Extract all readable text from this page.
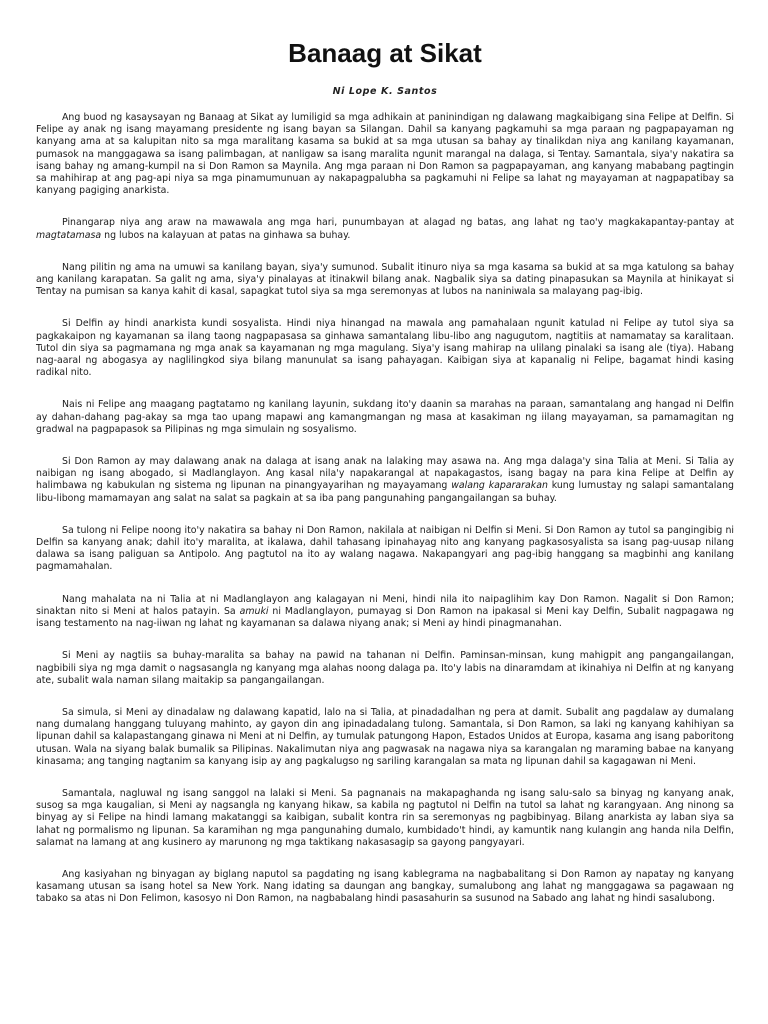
Banaag at Sikat
Ni Lope K. Santos

Ang buod ng kasaysayan ng Banaag at Sikat ay lumiligid sa mga adhikain at paninindigan ng dalawang magkaibigang sina Felipe at Delfin. Si Felipe ay anak ng isang mayamang presidente ng isang bayan sa Silangan. Dahil sa kanyang pagkamuhi sa mga paraan ng pagpapayaman ng kanyang ama at sa kalupitan nito sa mga maralitang kasama sa bukid at sa mga utusan sa bahay ay tinalikdan niya ang kanilang kayamanan, pumasok na manggagawa sa isang palimbagan, at nanligaw sa isang maralita ngunit marangal na dalaga, si Tentay. Samantala, siya'y nakatira sa isang bahay ng amang-kumpil na si Don Ramon sa Maynila. Ang mga paraan ni Don Ramon sa pagpapayaman, ang kanyang mababang pagtingin sa mahihirap at ang pag-api niya sa mga pinamumunuan ay nakapagpalubha sa pagkamuhi ni Felipe sa lahat ng mayayaman at nagpapatibay sa kanyang pagiging anarkista.

Pinangarap niya ang araw na mawawala ang mga hari, punumbayan at alagad ng batas, ang lahat ng tao'y magkakapantay-pantay at magtatamasa ng lubos na kalayuan at patas na ginhawa sa buhay.

Nang pilitin ng ama na umuwi sa kanilang bayan, siya'y sumunod. Subalit itinuro niya sa mga kasama sa bukid at sa mga katulong sa bahay ang kanilang karapatan. Sa galit ng ama, siya'y pinalayas at itinakwil bilang anak. Nagbalik siya sa dating pinapasukan sa Maynila at hinikayat si Tentay na pumisan sa kanya kahit di kasal, sapagkat tutol siya sa mga seremonyas at lubos na naniniwala sa malayang pag-ibig.

Si Delfin ay hindi anarkista kundi sosyalista. Hindi niya hinangad na mawala ang pamahalaan ngunit katulad ni Felipe ay tutol siya sa pagkakaipon ng kayamanan sa ilang taong nagpapasasa sa ginhawa samantalang libu-libo ang nagugutom, nagtitiis at namamatay sa karalitaan. Tutol din siya sa pagmamana ng mga anak sa kayamanan ng mga magulang. Siya'y isang mahirap na ulilang pinalaki sa isang ale (tiya). Habang nag-aaral ng abogasya ay naglilingkod siya bilang manunulat sa isang pahayagan. Kaibigan siya at kapanalig ni Felipe, bagamat hindi kasing radikal nito.

Nais ni Felipe ang maagang pagtatamo ng kanilang layunin, sukdang ito'y daanin sa marahas na paraan, samantalang ang hangad ni Delfin ay dahan-dahang pag-akay sa mga tao upang mapawi ang kamangmangan ng masa at kasakiman ng iilang mayayaman, sa pamamagitan ng gradwal na pagpapasok sa Pilipinas ng mga simulain ng sosyalismo.

Si Don Ramon ay may dalawang anak na dalaga at isang anak na lalaking may asawa na. Ang mga dalaga'y sina Talia at Meni. Si Talia ay naibigan ng isang abogado, si Madlanglayon. Ang kasal nila'y napakarangal at napakagastos, isang bagay na para kina Felipe at Delfin ay halimbawa ng kabukulan ng sistema ng lipunan na pinangyayarihan ng mayayamang walang kapararakan kung lumustay ng salapi samantalang libu-libong mamamayan ang salat na salat sa pagkain at sa iba pang pangunahing pangangailangan sa buhay.

Sa tulong ni Felipe noong ito'y nakatira sa bahay ni Don Ramon, nakilala at naibigan ni Delfin si Meni. Si Don Ramon ay tutol sa pangingibig ni Delfin sa kanyang anak; dahil ito'y maralita, at ikalawa, dahil tahasang ipinahayag nito ang kanyang pagkasosyalista sa isang pag-uusap nilang dalawa sa isang paliguan sa Antipolo. Ang pagtutol na ito ay walang nagawa. Nakapangyari ang pag-ibig hanggang sa magbinhi ang kanilang pagmamahalan.

Nang mahalata na ni Talia at ni Madlanglayon ang kalagayan ni Meni, hindi nila ito naipaglihim kay Don Ramon. Nagalit si Don Ramon; sinaktan nito si Meni at halos patayin. Sa amuki ni Madlanglayon, pumayag si Don Ramon na ipakasal si Meni kay Delfin, Subalit nagpagawa ng isang testamento na nag-iiwan ng lahat ng kayamanan sa dalawa niyang anak; si Meni ay hindi pinagmanahan.

Si Meni ay nagtiis sa buhay-maralita sa bahay na pawid na tahanan ni Delfin. Paminsan-minsan, kung mahigpit ang pangangailangan, nagbibili siya ng mga damit o nagsasangla ng kanyang mga alahas noong dalaga pa. Ito'y labis na dinaramdam at ikinahiya ni Delfin at ng kanyang ate, subalit wala naman silang maitakip sa pangangailangan.

Sa simula, si Meni ay dinadalaw ng dalawang kapatid, lalo na si Talia, at pinadadalhan ng pera at damit. Subalit ang pagdalaw ay dumalang nang dumalang hanggang tuluyang mahinto, ay gayon din ang ipinadadalang tulong. Samantala, si Don Ramon, sa laki ng kanyang kahihiyan sa lipunan dahil sa kalapastangang ginawa ni Meni at ni Delfin, ay tumulak patungong Hapon, Estados Unidos at Europa, kasama ang isang paboritong utusan. Wala na siyang balak bumalik sa Pilipinas. Nakalimutan niya ang pagwasak na nagawa niya sa karangalan ng maraming babae na kanyang kinasama; ang tanging nagtanim sa kanyang isip ay ang pagkalugso ng sariling karangalan sa mata ng lipunan dahil sa kagagawan ni Meni.

Samantala, nagluwal ng isang sanggol na lalaki si Meni. Sa pagnanais na makapaghanda ng isang salu-salo sa binyag ng kanyang anak, susog sa mga kaugalian, si Meni ay nagsangla ng kanyang hikaw, sa kabila ng pagtutol ni Delfin na tutol sa lahat ng karangyaan. Ang ninong sa binyag ay si Felipe na hindi lamang makatanggi sa kaibigan, subalit kontra rin sa seremonyas ng pagbibinyag. Bilang anarkista ay laban siya sa lahat ng pormalismo ng lipunan. Sa karamihan ng mga pangunahing dumalo, kumbidado't hindi, ay kamuntik nang kulangin ang handa nila Delfin, salamat na lamang at ang kusinero ay marunong ng mga taktikang nakasasagip sa gayong pangyayari.

Ang kasiyahan ng binyagan ay biglang naputol sa pagdating ng isang kablegrama na nagbabalitang si Don Ramon ay napatay ng kanyang kasamang utusan sa isang hotel sa New York. Nang idating sa daungan ang bangkay, sumalubong ang lahat ng manggagawa sa pagawaan ng tabako sa atas ni Don Felimon, kasosyo ni Don Ramon, na nagbabalang hindi pasasahurin sa susunod na Sabado ang lahat ng hindi sasalubong.
